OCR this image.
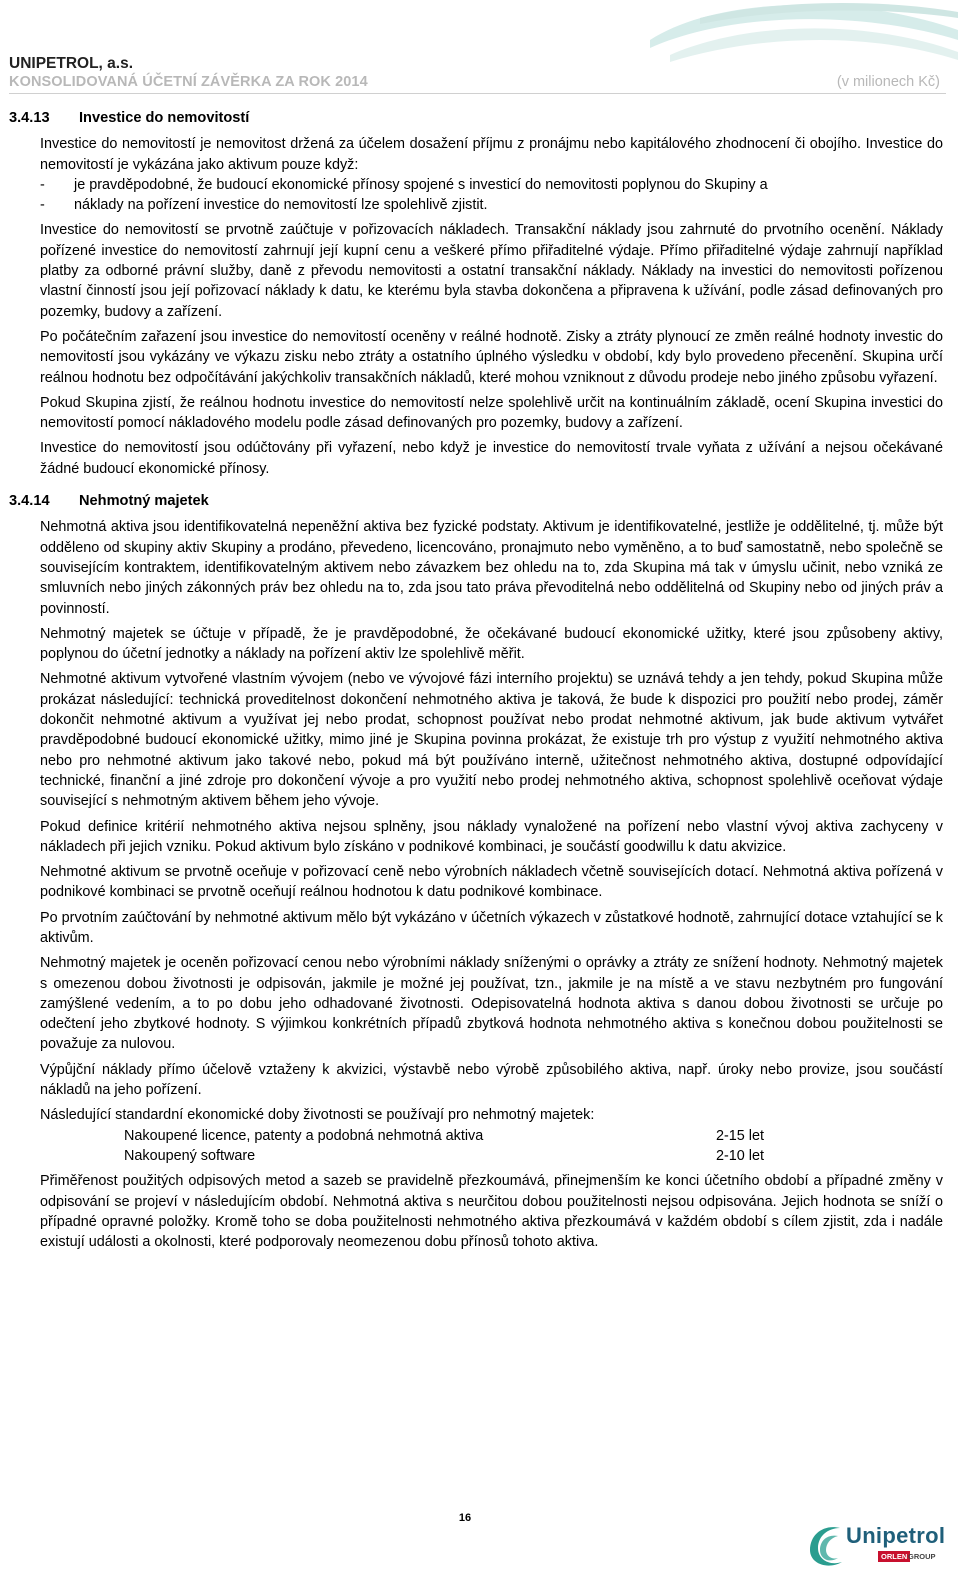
UNIPETROL, a.s.
KONSOLIDOVANÁ ÚČETNÍ ZÁVĚRKA ZA ROK 2014	(v milionech Kč)
3.4.13 Investice do nemovitostí

Investice do nemovitostí je nemovitost držená za účelem dosažení příjmu z pronájmu nebo kapitálového zhodnocení či obojího. Investice do nemovitostí je vykázána jako aktivum pouze když:

-	je pravděpodobné, že budoucí ekonomické přínosy spojené s investicí do nemovitosti poplynou do Skupiny a
-	náklady na pořízení investice do nemovitostí lze spolehlivě zjistit.

Investice do nemovitostí se prvotně zaúčtuje v pořizovacích nákladech. Transakční náklady jsou zahrnuté do prvotního ocenění. Náklady pořízené investice do nemovitostí zahrnují její kupní cenu a veškeré přímo přiřaditelné výdaje. Přímo přiřaditelné výdaje zahrnují například platby za odborné právní služby, daně z převodu nemovitosti a ostatní transakční náklady. Náklady na investici do nemovitosti pořízenou vlastní činností jsou její pořizovací náklady k datu, ke kterému byla stavba dokončena a připravena k užívání, podle zásad definovaných pro pozemky, budovy a zařízení.

Po počátečním zařazení jsou investice do nemovitostí oceněny v reálné hodnotě. Zisky a ztráty plynoucí ze změn reálné hodnoty investic do nemovitostí jsou vykázány ve výkazu zisku nebo ztráty a ostatního úplného výsledku v období, kdy bylo provedeno přecenění. Skupina určí reálnou hodnotu bez odpočítávání jakýchkoliv transakčních nákladů, které mohou vzniknout z důvodu prodeje nebo jiného způsobu vyřazení.

Pokud Skupina zjistí, že reálnou hodnotu investice do nemovitostí nelze spolehlivě určit na kontinuálním základě, ocení Skupina investici do nemovitostí pomocí nákladového modelu podle zásad definovaných pro pozemky, budovy a zařízení.

Investice do nemovitostí jsou odúčtovány při vyřazení, nebo když je investice do nemovitostí trvale vyňata z užívání a nejsou očekávané žádné budoucí ekonomické přínosy.

3.4.14 Nehmotný majetek

Nehmotná aktiva jsou identifikovatelná nepeněžní aktiva bez fyzické podstaty. Aktivum je identifikovatelné, jestliže je oddělitelné, tj. může být odděleno od skupiny aktiv Skupiny a prodáno, převedeno, licencováno, pronajmuto nebo vyměněno, a to buď samostatně, nebo společně se souvisejícím kontraktem, identifikovatelným aktivem nebo závazkem bez ohledu na to, zda Skupina má tak v úmyslu učinit, nebo vzniká ze smluvních nebo jiných zákonných práv bez ohledu na to, zda jsou tato práva převoditelná nebo oddělitelná od Skupiny nebo od jiných práv a povinností.

Nehmotný majetek se účtuje v případě, že je pravděpodobné, že očekávané budoucí ekonomické užitky, které jsou způsobeny aktivy, poplynou do účetní jednotky a náklady na pořízení aktiv lze spolehlivě měřit.

Nehmotné aktivum vytvořené vlastním vývojem (nebo ve vývojové fázi interního projektu) se uznává tehdy a jen tehdy, pokud Skupina může prokázat následující: technická proveditelnost dokončení nehmotného aktiva je taková, že bude k dispozici pro použití nebo prodej, záměr dokončit nehmotné aktivum a využívat jej nebo prodat, schopnost používat nebo prodat nehmotné aktivum, jak bude aktivum vytvářet pravděpodobné budoucí ekonomické užitky, mimo jiné je Skupina povinna prokázat, že existuje trh pro výstup z využití nehmotného aktiva nebo pro nehmotné aktivum jako takové nebo, pokud má být používáno interně, užitečnost nehmotného aktiva, dostupné odpovídající technické, finanční a jiné zdroje pro dokončení vývoje a pro využití nebo prodej nehmotného aktiva, schopnost spolehlivě oceňovat výdaje související s nehmotným aktivem během jeho vývoje.

Pokud definice kritérií nehmotného aktiva nejsou splněny, jsou náklady vynaložené na pořízení nebo vlastní vývoj aktiva zachyceny v nákladech při jejich vzniku. Pokud aktivum bylo získáno v podnikové kombinaci, je součástí goodwillu k datu akvizice.

Nehmotné aktivum se prvotně oceňuje v pořizovací ceně nebo výrobních nákladech včetně souvisejících dotací. Nehmotná aktiva pořízená v podnikové kombinaci se prvotně oceňují reálnou hodnotou k datu podnikové kombinace.

Po prvotním zaúčtování by nehmotné aktivum mělo být vykázáno v účetních výkazech v zůstatkové hodnotě, zahrnující dotace vztahující se k aktivům.

Nehmotný majetek je oceněn pořizovací cenou nebo výrobními náklady sníženými o oprávky a ztráty ze snížení hodnoty. Nehmotný majetek s omezenou dobou životnosti je odpisován, jakmile je možné jej používat, tzn., jakmile je na místě a ve stavu nezbytném pro fungování zamýšlené vedením, a to po dobu jeho odhadované životnosti. Odepisovatelná hodnota aktiva s danou dobou životnosti se určuje po odečtení jeho zbytkové hodnoty. S výjimkou konkrétních případů zbytková hodnota nehmotného aktiva s konečnou dobou použitelnosti se považuje za nulovou.

Výpůjční náklady přímo účelově vztaženy k akvizici, výstavbě nebo výrobě způsobilého aktiva, např. úroky nebo provize, jsou součástí nákladů na jeho pořízení.

Následující standardní ekonomické doby životnosti se používají pro nehmotný majetek:

Nakoupené licence, patenty a podobná nehmotná aktiva	2-15 let
Nakoupený software	2-10 let

Přiměřenost použitých odpisových metod a sazeb se pravidelně přezkoumává, přinejmenším ke konci účetního období a případné změny v odpisování se projeví v následujícím období. Nehmotná aktiva s neurčitou dobou použitelnosti nejsou odpisována. Jejich hodnota se sníží o případné opravné položky. Kromě toho se doba použitelnosti nehmotného aktiva přezkoumává v každém období s cílem zjistit, zda i nadále existují události a okolnosti, které podporovaly neomezenou dobu přínosů tohoto aktiva.

16
Unipetrol
ORLEN GROUP
